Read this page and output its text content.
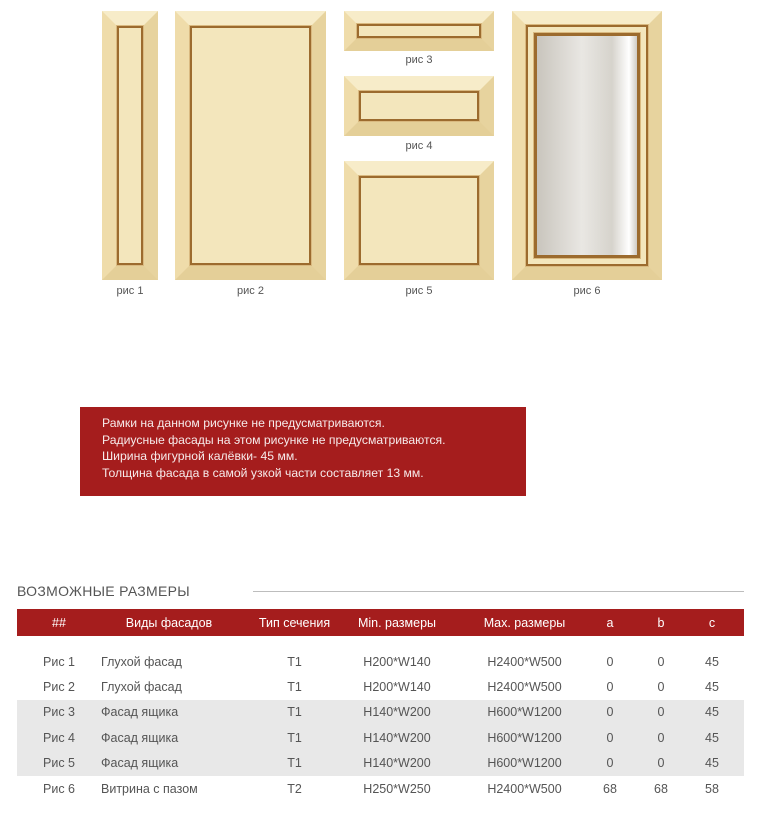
рис 1	рис 2
рис 3
рис 4
рис 5	рис 6
Рамки на данном рисунке не предусматриваются.
Радиусные фасады на этом рисунке не предусматриваются.
Ширина фигурной калёвки- 45 мм.
Толщина фасада в самой узкой части составляет 13 мм.
ВОЗМОЖНЫЕ РАЗМЕРЫ
##	Виды фасадов	Тип сечения	Min. размеры	Max. размеры	a	b	c
Рис 1	Глухой фасад	Т1	H200*W140	H2400*W500	0	0	45
Рис 2	Глухой фасад	Т1	H200*W140	H2400*W500	0	0	45
Рис 3	Фасад ящика	Т1	H140*W200	H600*W1200	0	0	45
Рис 4	Фасад ящика	Т1	H140*W200	H600*W1200	0	0	45
Рис 5	Фасад ящика	Т1	H140*W200	H600*W1200	0	0	45
Рис 6	Витрина с пазом	Т2	H250*W250	H2400*W500	68	68	58
